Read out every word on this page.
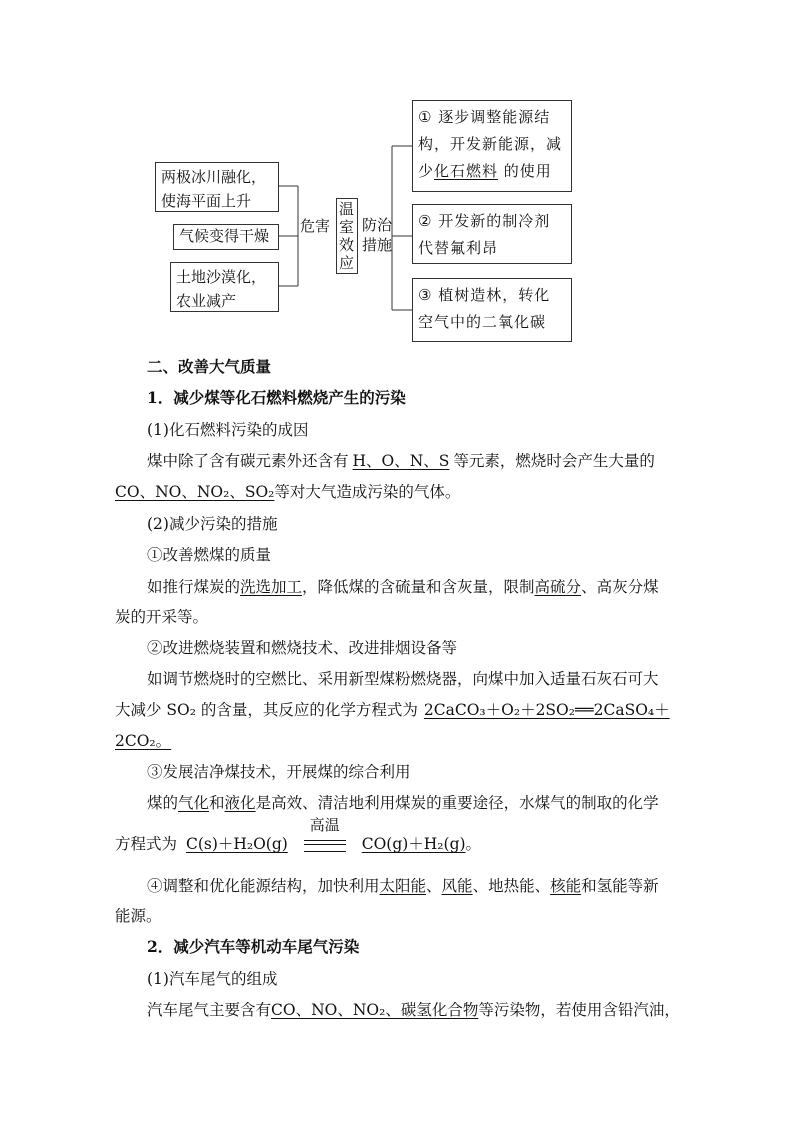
两极冰川融化，使海平面上升
气候变得干燥
土地沙漠化，农业减产
危害
温室效应
防治措施
① 逐步调整能源结构，开发新能源，减少化石燃料 的使用
② 开发新的制冷剂代替氟利昂
③ 植树造林，转化空气中的二氧化碳
二、改善大气质量
1．减少煤等化石燃料燃烧产生的污染
(1)化石燃料污染的成因
煤中除了含有碳元素外还含有 H、O、N、S 等元素，燃烧时会产生大量的
CO、NO、NO₂、SO₂等对大气造成污染的气体。
(2)减少污染的措施
①改善燃煤的质量
如推行煤炭的洗选加工，降低煤的含硫量和含灰量，限制高硫分、高灰分煤
炭的开采等。
②改进燃烧装置和燃烧技术、改进排烟设备等
如调节燃烧时的空燃比、采用新型煤粉燃烧器，向煤中加入适量石灰石可大
大减少 SO₂ 的含量，其反应的化学方程式为 2CaCO₃＋O₂＋2SO₂══2CaSO₄＋
2CO₂。
③发展洁净煤技术，开展煤的综合利用
煤的气化和液化是高效、清洁地利用煤炭的重要途径，水煤气的制取的化学
方程式为 C(s)＋H₂O(g)
高温
CO(g)＋H₂(g)。
④调整和优化能源结构，加快利用太阳能、风能、地热能、核能和氢能等新
能源。
2．减少汽车等机动车尾气污染
(1)汽车尾气的组成
汽车尾气主要含有CO、NO、NO₂、碳氢化合物等污染物，若使用含铅汽油，
